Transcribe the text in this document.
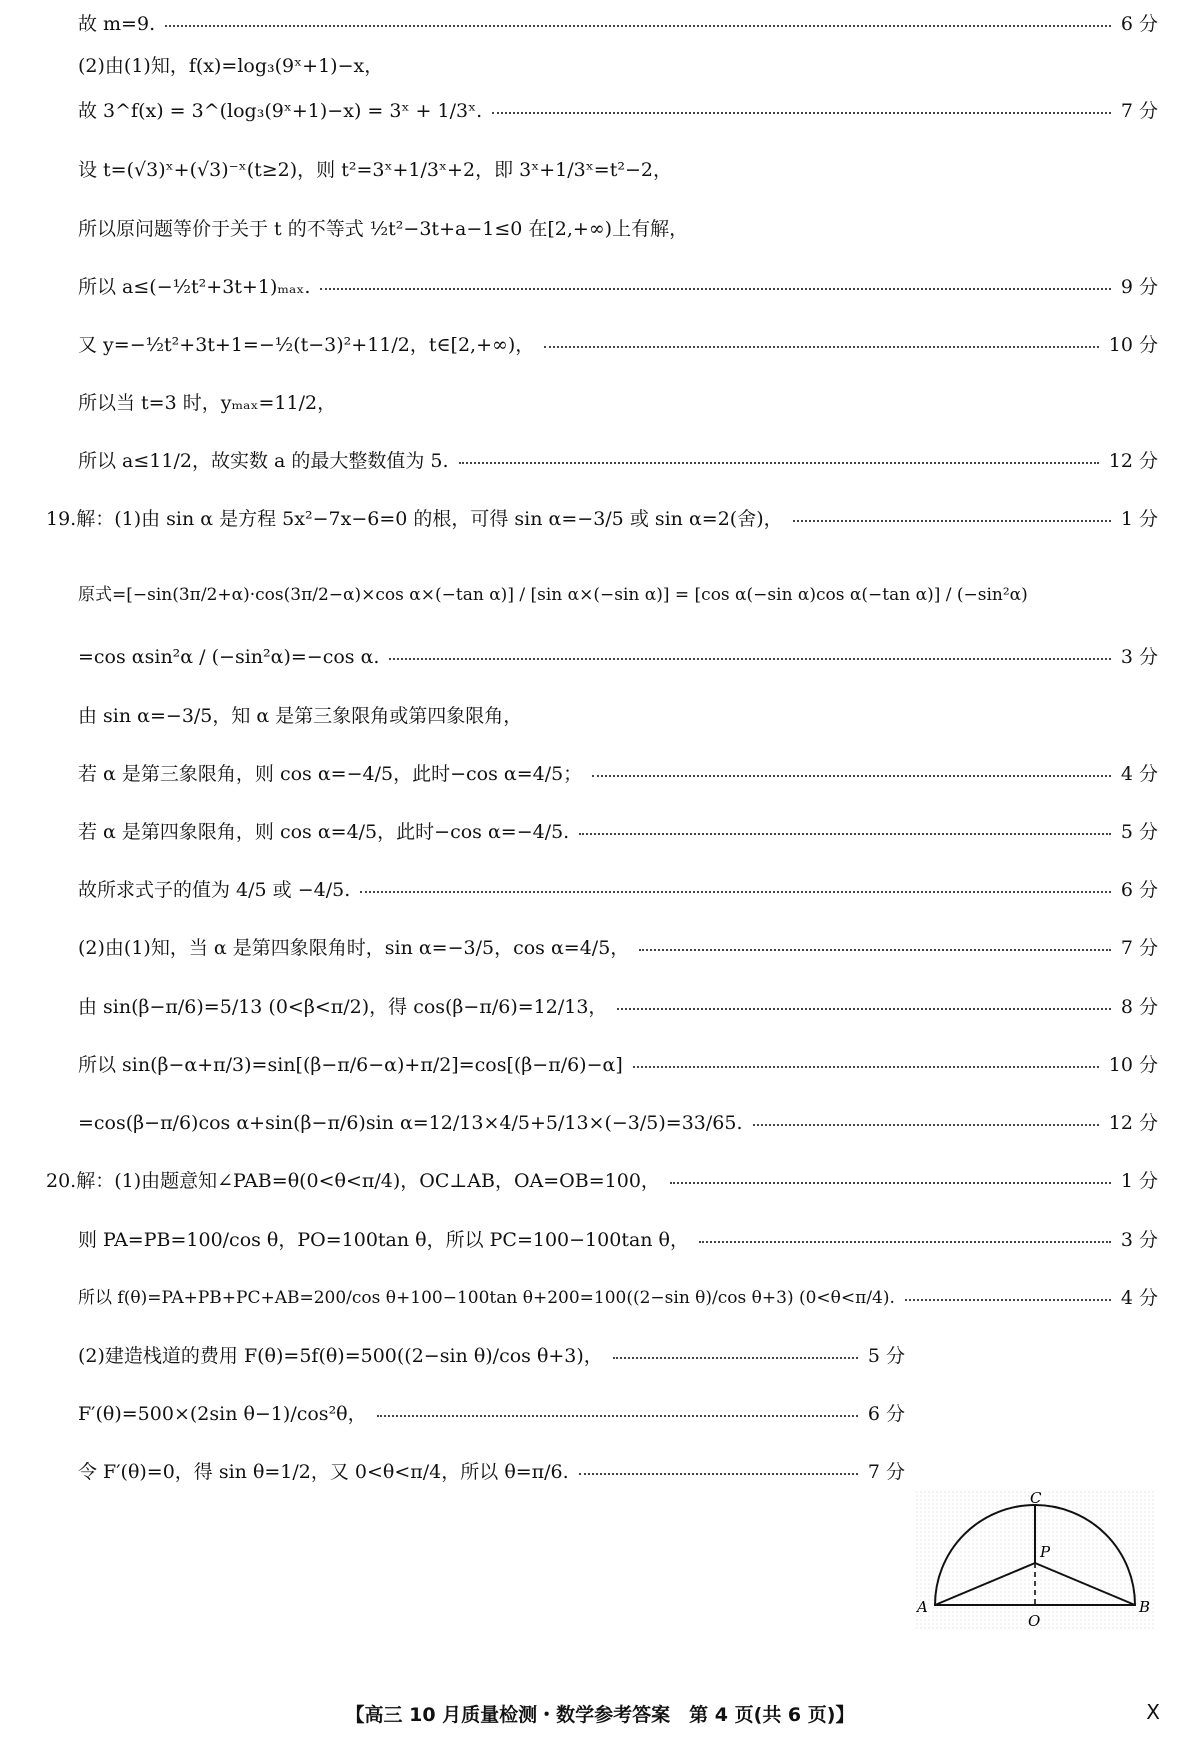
故 m=9.	6 分
(2)由(1)知，f(x)=log₃(9ˣ+1)−x，
故 3^f(x) = 3^(log₃(9ˣ+1)−x) = 3ˣ + 1/3ˣ.	7 分
设 t=(√3)ˣ+(√3)⁻ˣ(t≥2)，则 t²=3ˣ+1/3ˣ+2，即 3ˣ+1/3ˣ=t²−2，
所以原问题等价于关于 t 的不等式 ½t²−3t+a−1≤0 在[2,+∞)上有解，
所以 a≤(−½t²+3t+1)ₘₐₓ.	9 分
又 y=−½t²+3t+1=−½(t−3)²+11/2，t∈[2,+∞)，	10 分
所以当 t=3 时，yₘₐₓ=11/2，
所以 a≤11/2，故实数 a 的最大整数值为 5.	12 分
19.解：(1)由 sin α 是方程 5x²−7x−6=0 的根，可得 sin α=−3/5 或 sin α=2(舍)，	1 分
原式=[−sin(3π/2+α)·cos(3π/2−α)×cos α×(−tan α)] / [sin α×(−sin α)] = [cos α(−sin α)cos α(−tan α)] / (−sin²α)
=cos αsin²α / (−sin²α)=−cos α.	3 分
由 sin α=−3/5，知 α 是第三象限角或第四象限角，
若 α 是第三象限角，则 cos α=−4/5，此时−cos α=4/5；	4 分
若 α 是第四象限角，则 cos α=4/5，此时−cos α=−4/5.	5 分
故所求式子的值为 4/5 或 −4/5.	6 分
(2)由(1)知，当 α 是第四象限角时，sin α=−3/5，cos α=4/5，	7 分
由 sin(β−π/6)=5/13 (0<β<π/2)，得 cos(β−π/6)=12/13，	8 分
所以 sin(β−α+π/3)=sin[(β−π/6−α)+π/2]=cos[(β−π/6)−α]	10 分
=cos(β−π/6)cos α+sin(β−π/6)sin α=12/13×4/5+5/13×(−3/5)=33/65.	12 分
20.解：(1)由题意知∠PAB=θ(0<θ<π/4)，OC⊥AB，OA=OB=100，	1 分
则 PA=PB=100/cos θ，PO=100tan θ，所以 PC=100−100tan θ，	3 分
所以 f(θ)=PA+PB+PC+AB=200/cos θ+100−100tan θ+200=100((2−sin θ)/cos θ+3) (0<θ<π/4).	4 分
(2)建造栈道的费用 F(θ)=5f(θ)=500((2−sin θ)/cos θ+3)，	5 分
F′(θ)=500×(2sin θ−1)/cos²θ，	6 分
令 F′(θ)=0，得 sin θ=1/2，又 0<θ<π/4，所以 θ=π/6.	7 分
A	B
C
O
P
【高三 10 月质量检测・数学参考答案　第 4 页(共 6 页)】	X
